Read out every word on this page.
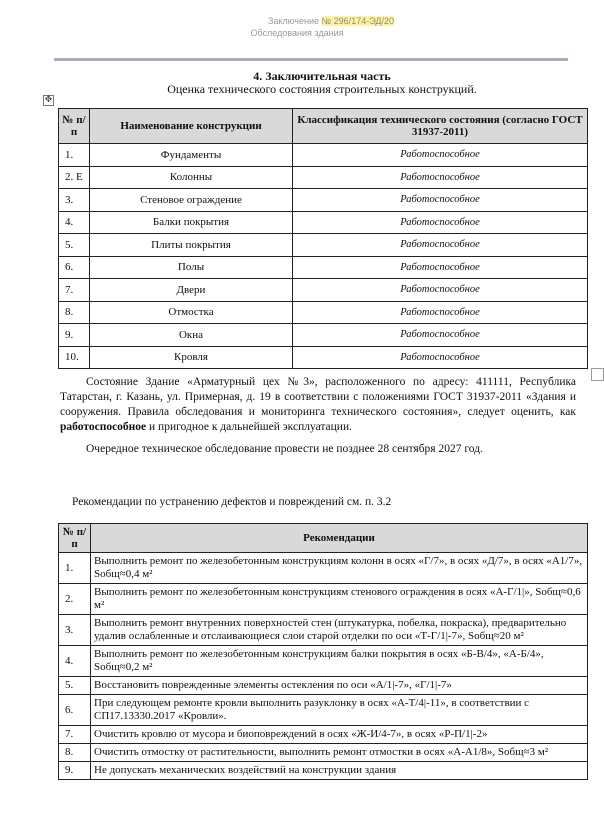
Заключение № 296/174-ЭД/20
Обследования здания
4. Заключительная часть
Оценка технического состояния строительных конструкций.
✥
№ п/п	Наименование конструкции	Классификация технического состояния (согласно ГОСТ 31937-2011)
1.	Фундаменты	Работоспособное
2. Е	Колонны	Работоспособное
3.	Стеновое ограждение	Работоспособное
4.	Балки покрытия	Работоспособное
5.	Плиты покрытия	Работоспособное
6.	Полы	Работоспособное
7.	Двери	Работоспособное
8.	Отмостка	Работоспособное
9.	Окна	Работоспособное
10.	Кровля	Работоспособное
Состояние Здание «Арматурный цех №3», расположенного по адресу: 411111, Республика Татарстан, г. Казань, ул. Примерная, д. 19 в соответствии с положениями ГОСТ 31937-2011 «Здания и сооружения. Правила обследования и мониторинга технического состояния», следует оценить, как работоспособное и пригодное к дальнейшей эксплуатации.
Очередное техническое обследование провести не позднее 28 сентября 2027 год.
Рекомендации по устранению дефектов и повреждений см. п. 3.2
№ п/п	Рекомендации
1.	Выполнить ремонт по железобетонным конструкциям колонн в осях «Г/7», в осях «Д/7», в осях «А1/7», Sобщ≈0,4 м²
2.	Выполнить ремонт по железобетонным конструкциям стенового ограждения в осях «А-Г/1|», Sобщ≈0,6 м²
3.	Выполнить ремонт внутренних поверхностей стен (штукатурка, побелка, покраска), предварительно удалив ослабленные и отслаивающиеся слои старой отделки по оси «Т-Г/1|-7», Sобщ≈20 м²
4.	Выполнить ремонт по железобетонным конструкциям балки покрытия в осях «Б-В/4», «А-Б/4», Sобщ≈0,2 м²
5.	Восстановить поврежденные элементы остекления по оси «А/1|-7», «Г/1|-7»
6.	При следующем ремонте кровли выполнить разуклонку в осях «А-Т/4|-11», в соответствии с СП17.13330.2017 «Кровли».
7.	Очистить кровлю от мусора и биоповреждений в осях «Ж-И/4-7», в осях «Р-П/1|-2»
8.	Очистить отмостку от растительности, выполнить ремонт отмостки в осях «А-А1/8», Sобщ≈3 м²
9.	Не допускать механических воздействий на конструкции здания
